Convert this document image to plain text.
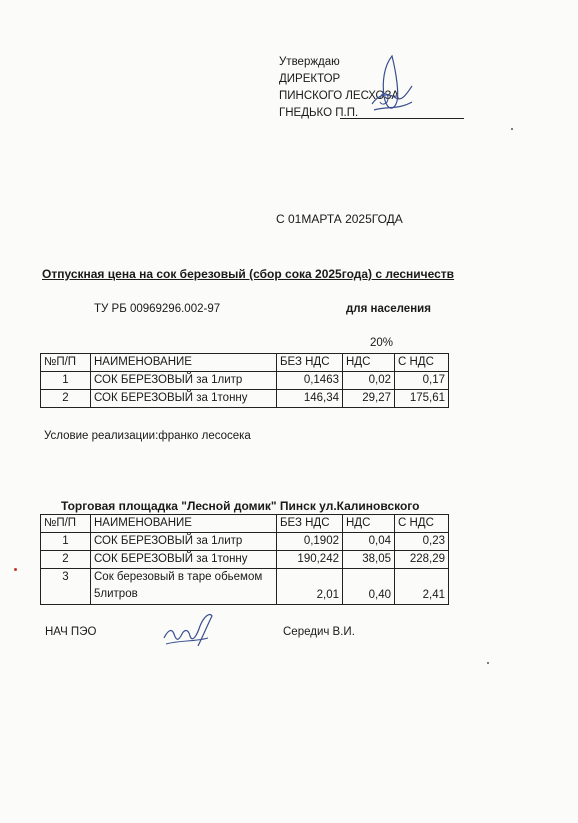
Утверждаю
ДИРЕКТОР
ПИНСКОГО ЛЕСХОЗА
ГНЕДЬКО П.П.
С 01МАРТА 2025ГОДА
Отпускная цена на сок березовый (сбор сока 2025года) с лесничеств
ТУ РБ 00969296.002-97	для населения
20%
№П/П	НАИМЕНОВАНИЕ	БЕЗ НДС	НДС	С НДС
1	СОК БЕРЕЗОВЫЙ за 1литр	0,1463	0,02	0,17
2	СОК БЕРЕЗОВЫЙ за 1тонну	146,34	29,27	175,61
Условие реализации:франко лесосека
Торговая площадка "Лесной домик" Пинск ул.Калиновского
№П/П	НАИМЕНОВАНИЕ	БЕЗ НДС	НДС	С НДС
1	СОК БЕРЕЗОВЫЙ за 1литр	0,1902	0,04	0,23
2	СОК БЕРЕЗОВЫЙ за 1тонну	190,242	38,05	228,29
3	Сок березовый в таре обьемом 5литров	2,01	0,40	2,41
НАЧ ПЭО	Середич В.И.
